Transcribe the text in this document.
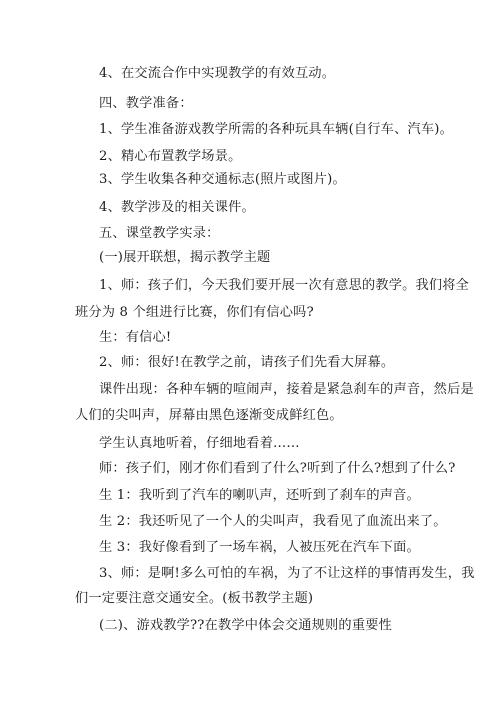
4、在交流合作中实现教学的有效互动。
四、教学准备：
1、学生准备游戏教学所需的各种玩具车辆(自行车、汽车)。
2、精心布置教学场景。
3、学生收集各种交通标志(照片或图片)。
4、教学涉及的相关课件。
五、课堂教学实录：
(一)展开联想，揭示教学主题
1、师：孩子们，今天我们要开展一次有意思的教学。我们将全
班分为 8 个组进行比赛，你们有信心吗?
生：有信心!
2、师：很好!在教学之前，请孩子们先看大屏幕。
课件出现：各种车辆的喧闹声，接着是紧急刹车的声音，然后是
人们的尖叫声，屏幕由黑色逐渐变成鲜红色。
学生认真地听着，仔细地看着……
师：孩子们，刚才你们看到了什么?听到了什么?想到了什么?
生 1：我听到了汽车的喇叭声，还听到了刹车的声音。
生 2：我还听见了一个人的尖叫声，我看见了血流出来了。
生 3：我好像看到了一场车祸，人被压死在汽车下面。
3、师：是啊!多么可怕的车祸，为了不让这样的事情再发生，我
们一定要注意交通安全。(板书教学主题)
(二)、游戏教学??在教学中体会交通规则的重要性
